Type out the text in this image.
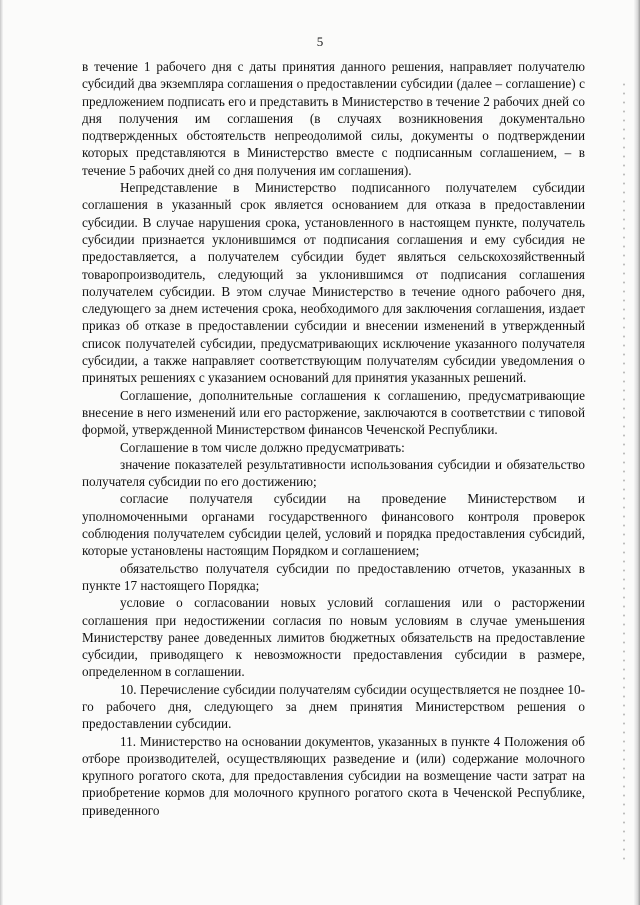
5

в течение 1 рабочего дня с даты принятия данного решения, направляет получателю субсидий два экземпляра соглашения о предоставлении субсидии (далее – соглашение) с предложением подписать его и представить в Министерство в течение 2 рабочих дней со дня получения им соглашения (в случаях возникновения документально подтвержденных обстоятельств непреодолимой силы, документы о подтверждении которых представляются в Министерство вместе с подписанным соглашением, – в течение 5 рабочих дней со дня получения им соглашения).

Непредставление в Министерство подписанного получателем субсидии соглашения в указанный срок является основанием для отказа в предоставлении субсидии. В случае нарушения срока, установленного в настоящем пункте, получатель субсидии признается уклонившимся от подписания соглашения и ему субсидия не предоставляется, а получателем субсидии будет являться сельскохозяйственный товаропроизводитель, следующий за уклонившимся от подписания соглашения получателем субсидии. В этом случае Министерство в течение одного рабочего дня, следующего за днем истечения срока, необходимого для заключения соглашения, издает приказ об отказе в предоставлении субсидии и внесении изменений в утвержденный список получателей субсидии, предусматривающих исключение указанного получателя субсидии, а также направляет соответствующим получателям субсидии уведомления о принятых решениях с указанием оснований для принятия указанных решений.

Соглашение, дополнительные соглашения к соглашению, предусматривающие внесение в него изменений или его расторжение, заключаются в соответствии с типовой формой, утвержденной Министерством финансов Чеченской Республики.

Соглашение в том числе должно предусматривать:

значение показателей результативности использования субсидии и обязательство получателя субсидии по его достижению;

согласие получателя субсидии на проведение Министерством и уполномоченными органами государственного финансового контроля проверок соблюдения получателем субсидии целей, условий и порядка предоставления субсидий, которые установлены настоящим Порядком и соглашением;

обязательство получателя субсидии по предоставлению отчетов, указанных в пункте 17 настоящего Порядка;

условие о согласовании новых условий соглашения или о расторжении соглашения при недостижении согласия по новым условиям в случае уменьшения Министерству ранее доведенных лимитов бюджетных обязательств на предоставление субсидии, приводящего к невозможности предоставления субсидии в размере, определенном в соглашении.

10. Перечисление субсидии получателям субсидии осуществляется не позднее 10-го рабочего дня, следующего за днем принятия Министерством решения о предоставлении субсидии.

11. Министерство на основании документов, указанных в пункте 4 Положения об отборе производителей, осуществляющих разведение и (или) содержание молочного крупного рогатого скота, для предоставления субсидии на возмещение части затрат на приобретение кормов для молочного крупного рогатого скота в Чеченской Республике, приведенного
